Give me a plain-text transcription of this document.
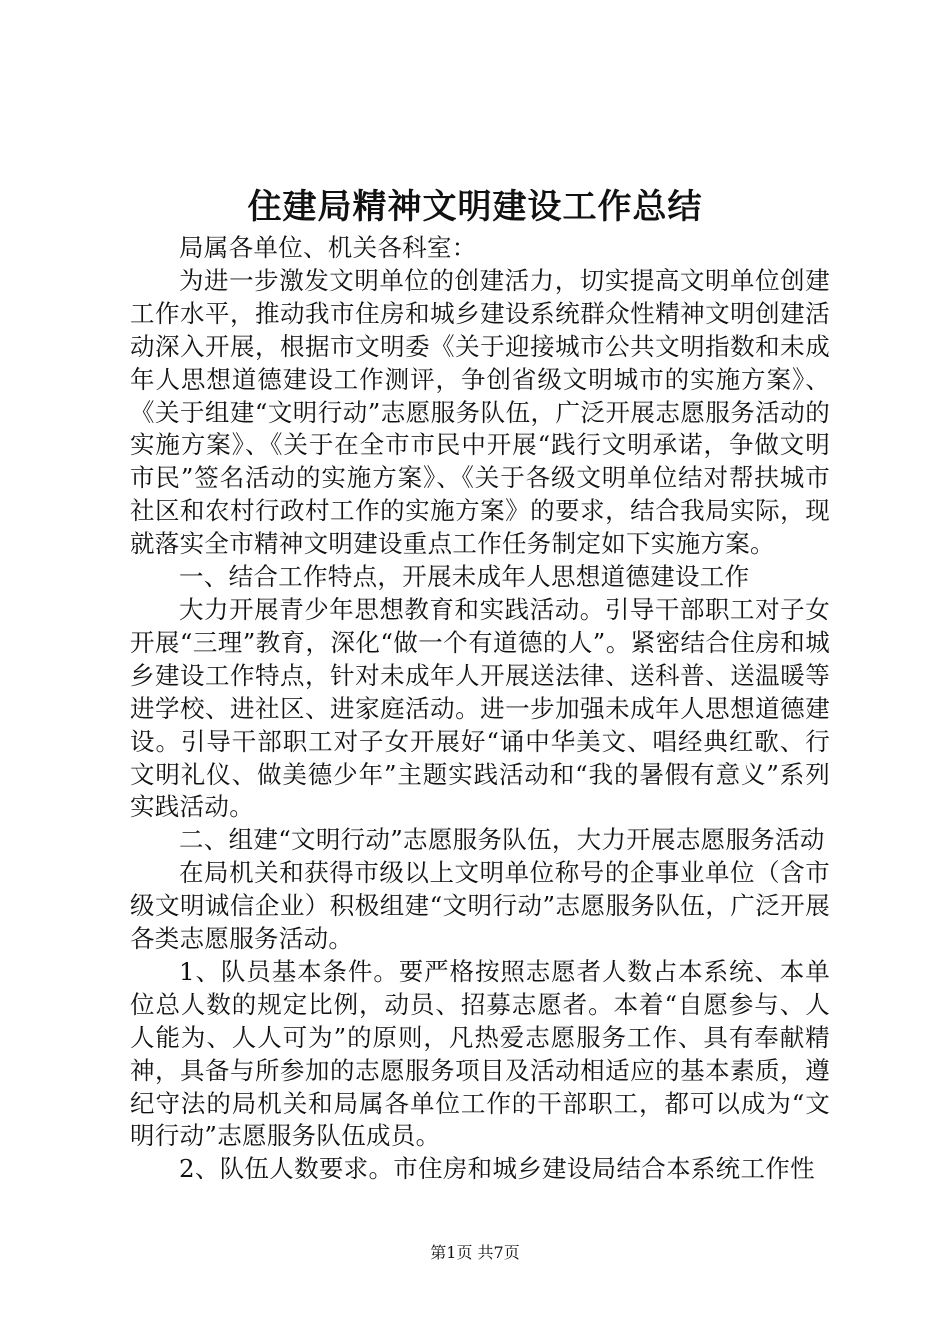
住建局精神文明建设工作总结

局属各单位、机关各科室：

为进一步激发文明单位的创建活力，切实提高文明单位创建工作水平，推动我市住房和城乡建设系统群众性精神文明创建活动深入开展，根据市文明委《关于迎接城市公共文明指数和未成年人思想道德建设工作测评，争创省级文明城市的实施方案》、《关于组建“文明行动”志愿服务队伍，广泛开展志愿服务活动的实施方案》、《关于在全市市民中开展“践行文明承诺，争做文明市民”签名活动的实施方案》、《关于各级文明单位结对帮扶城市社区和农村行政村工作的实施方案》的要求，结合我局实际，现就落实全市精神文明建设重点工作任务制定如下实施方案。

一、结合工作特点，开展未成年人思想道德建设工作

大力开展青少年思想教育和实践活动。引导干部职工对子女开展“三理”教育，深化“做一个有道德的人”。紧密结合住房和城乡建设工作特点，针对未成年人开展送法律、送科普、送温暖等进学校、进社区、进家庭活动。进一步加强未成年人思想道德建设。引导干部职工对子女开展好“诵中华美文、唱经典红歌、行文明礼仪、做美德少年”主题实践活动和“我的暑假有意义”系列实践活动。

二、组建“文明行动”志愿服务队伍，大力开展志愿服务活动

在局机关和获得市级以上文明单位称号的企事业单位（含市级文明诚信企业）积极组建“文明行动”志愿服务队伍，广泛开展各类志愿服务活动。

1、队员基本条件。要严格按照志愿者人数占本系统、本单位总人数的规定比例，动员、招募志愿者。本着“自愿参与、人人能为、人人可为”的原则，凡热爱志愿服务工作、具有奉献精神，具备与所参加的志愿服务项目及活动相适应的基本素质，遵纪守法的局机关和局属各单位工作的干部职工，都可以成为“文明行动”志愿服务队伍成员。

2、队伍人数要求。市住房和城乡建设局结合本系统工作性

第1页 共7页
